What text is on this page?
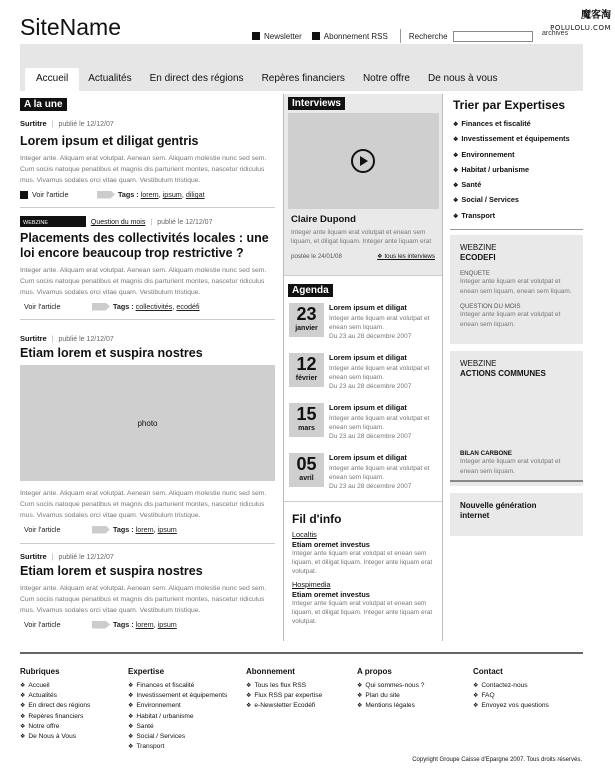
SiteName	魔客淘
POLULOLU.COM
Newsletter	Abonnement RSS	Recherche	archives
Accueil	Actualités	En direct des régions	Repères financiers	Notre offre	De nous à vous
A la une
Surtitre | publié le 12/12/07
Lorem ipsum et diligat gentris
Integer ante. Aliquam erat volutpat. Aenean sem. Aliquam molestie nunc sed sem. Cum sociis natoque penatibus et magnis dis parturient montes, nascetur ridiculus mus. Vivamus sodales orci vitae quam. Vestibulum tristique.
Voir l'article	Tags : lorem, ipsum, diligat
WEBZINE ECODEFI Question du mois | publié le 12/12/07
Placements des collectivités locales : une loi encore beaucoup trop restrictive ?
Integer ante. Aliquam erat volutpat. Aenean sem. Aliquam molestie nunc sed sem. Cum sociis natoque penatibus et magnis dis parturient montes, nascetur ridiculus mus. Vivamus sodales orci vitae quam. Vestibulum tristique.
Voir l'article	Tags : collectivités, ecodéfi
Surtitre | publié le 12/12/07
Etiam lorem et suspira nostres
photo
Integer ante. Aliquam erat volutpat. Aenean sem. Aliquam molestie nunc sed sem. Cum sociis natoque penatibus et magnis dis parturient montes, nascetur ridiculus mus. Vivamus sodales orci vitae quam. Vestibulum tristique.
Voir l'article	Tags : lorem, ipsum
Surtitre | publié le 12/12/07
Etiam lorem et suspira nostres
Integer ante. Aliquam erat volutpat. Aenean sem. Aliquam molestie nunc sed sem. Cum sociis natoque penatibus et magnis dis parturient montes, nascetur ridiculus mus. Vivamus sodales orci vitae quam. Vestibulum tristique.
Voir l'article	Tags : lorem, ipsum
Interviews
Claire Dupond
Integer ante liquam erat volutpat et enean sem liquam, et diligat liquam. Integer ante liquam erat
postée le 24/01/08	❖ tous les interviews
Agenda
23
janvier
Lorem ipsum et diligat
Integer ante liquam erat volutpat et enean sem liquam.
Du 23 au 28 décembre 2007
12
février
Lorem ipsum et diligat
Integer ante liquam erat volutpat et enean sem liquam.
Du 23 au 28 décembre 2007
15
mars
Lorem ipsum et diligat
Integer ante liquam erat volutpat et enean sem liquam.
Du 23 au 28 décembre 2007
05
avril
Lorem ipsum et diligat
Integer ante liquam erat volutpat et enean sem liquam.
Du 23 au 28 décembre 2007
Fil d'info
Localtis
Etiam oremet investus
Integer ante liquam erat volutpat et enean sem liquam, et diligat liquam. Integer ante liquam erat volutpat.
Hospimedia
Etiam oremet investus
Integer ante liquam erat volutpat et enean sem liquam, et diligat liquam. Integer ante liquam erat volutpat.
Trier par Expertises
❖ Finances et fiscalité
❖ Investissement et équipements
❖ Environnement
❖ Habitat / urbanisme
❖ Santé
❖ Social / Services
❖ Transport
WEBZINE
ECODEFI
ENQUETE
Integer ante liquam erat volutpat et enean sem liquam, enean sem liquam.
QUESTION DU MOIS
Integer ante liquam erat volutpat et enean sem liquam.
WEBZINE
ACTIONS COMMUNES
BILAN CARBONE
Integer ante liquam erat volutpat et enean sem liquam.
Nouvelle génération
internet
Rubriques
❖ Accueil
❖ Actualités
❖ En direct des régions
❖ Repères financiers
❖ Notre offre
❖ De Nous à Vous
Expertise
❖ Finances et fiscalité
❖ Investissement et équipements
❖ Environnement
❖ Habitat / urbanisme
❖ Santé
❖ Social / Services
❖ Transport
Abonnement
❖ Tous les flux RSS
❖ Flux RSS par expertise
❖ e-Newsletter Ecodéfi
A propos
❖ Qui sommes-nous ?
❖ Plan du site
❖ Mentions légales
Contact
❖ Contactez-nous
❖ FAQ
❖ Envoyez vos questions
Copyright Groupe Caisse d'Epargne 2007. Tous droits réservés.
